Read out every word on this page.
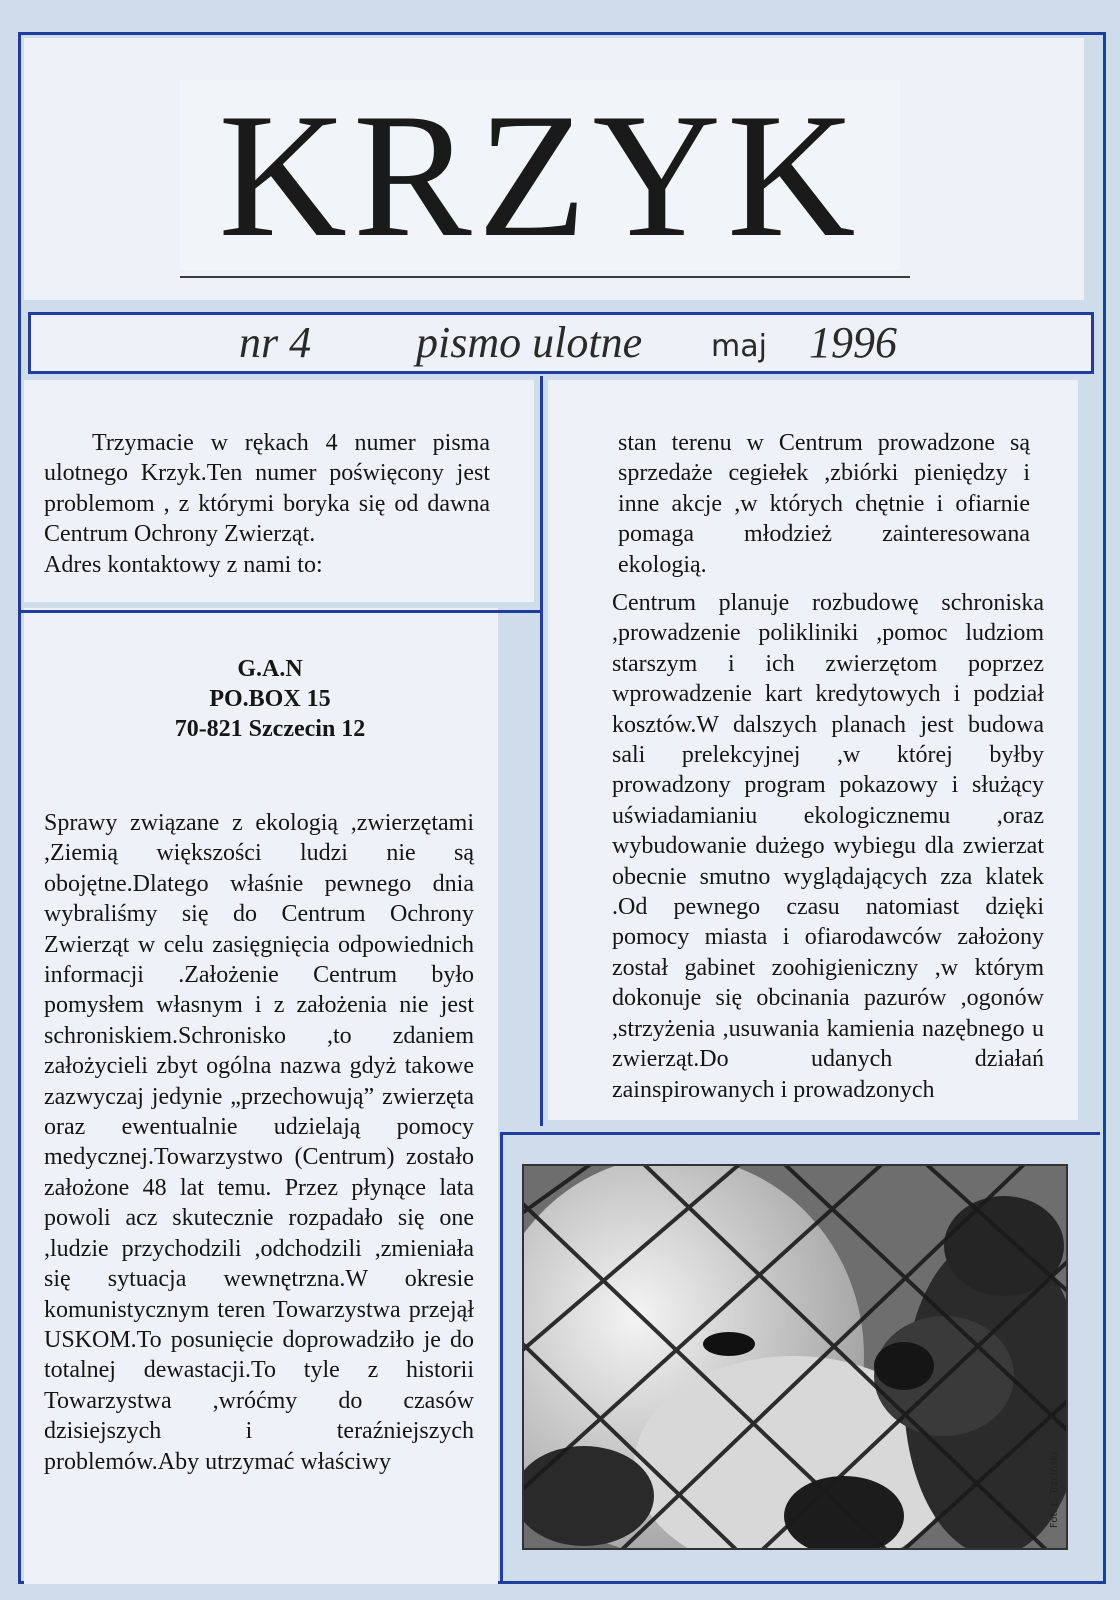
KRZYK
nr 4 pismo ulotne maj 1996

Trzymacie w rękach 4 numer pisma ulotnego Krzyk.Ten numer poświęcony jest problemom , z którymi boryka się od dawna Centrum Ochrony Zwierząt.

Adres kontaktowy z nami to:

G.A.N
PO.BOX 15
70-821 Szczecin 12
Sprawy związane z ekologią ,zwierzętami ,Ziemią większości ludzi nie są obojętne.Dlatego właśnie pewnego dnia wybraliśmy się do Centrum Ochrony Zwierząt w celu zasięgnięcia odpowiednich informacji .Założenie Centrum było pomysłem własnym i z założenia nie jest schroniskiem.Schronisko ,to zdaniem założycieli zbyt ogólna nazwa gdyż takowe zazwyczaj jedynie „przechowują” zwierzęta oraz ewentualnie udzielają pomocy medycznej.Towarzystwo (Centrum) zostało założone 48 lat temu. Przez płynące lata powoli acz skutecznie rozpadało się one ,ludzie przychodzili ,odchodzili ,zmieniała się sytuacja wewnętrzna.W okresie komunistycznym teren Towarzystwa przejął USKOM.To posunięcie doprowadziło je do totalnej dewastacji.To tyle z historii Towarzystwa ,wróćmy do czasów dzisiejszych i teraźniejszych problemów.Aby utrzymać właściwy
stan terenu w Centrum prowadzone są sprzedaże cegiełek ,zbiórki pieniędzy i inne akcje ,w których chętnie i ofiarnie pomaga młodzież zainteresowana ekologią.
Centrum planuje rozbudowę schroniska ,prowadzenie polikliniki ,pomoc ludziom starszym i ich zwierzętom poprzez wprowadzenie kart kredytowych i podział kosztów.W dalszych planach jest budowa sali prelekcyjnej ,w której byłby prowadzony program pokazowy i służący uświadamianiu ekologicznemu ,oraz wybudowanie dużego wybiegu dla zwierzat obecnie smutno wyglądających zza klatek .Od pewnego czasu natomiast dzięki pomocy miasta i ofiarodawców założony został gabinet zoohigieniczny ,w którym dokonuje się obcinania pazurów ,ogonów ,strzyżenia ,usuwania kamienia nazębnego u zwierząt.Do udanych działań zainspirowanych i prowadzonych
Fot. Ł. Trzciński
